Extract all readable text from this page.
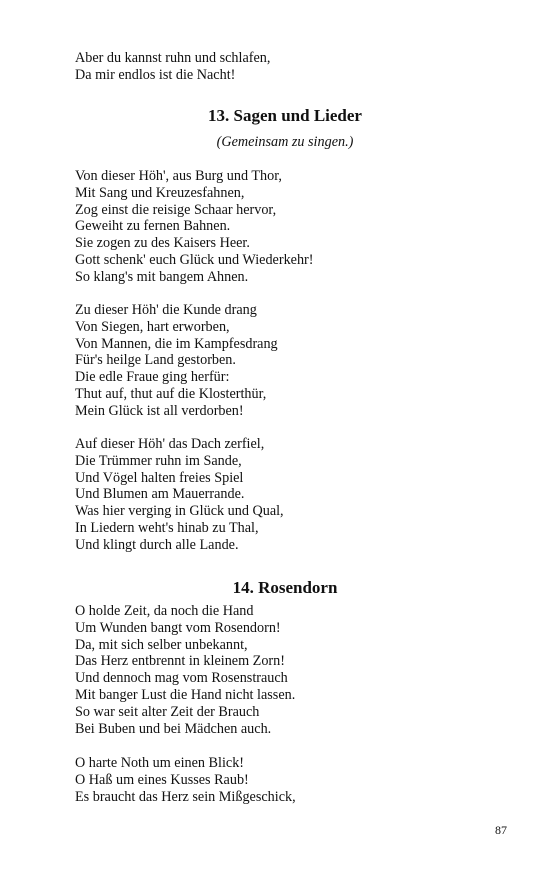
Aber du kannst ruhn und schlafen,
Da mir endlos ist die Nacht!
13. Sagen und Lieder
(Gemeinsam zu singen.)
Von dieser Höh', aus Burg und Thor,
Mit Sang und Kreuzesfahnen,
Zog einst die reisige Schaar hervor,
Geweiht zu fernen Bahnen.
Sie zogen zu des Kaisers Heer.
Gott schenk' euch Glück und Wiederkehr!
So klang's mit bangem Ahnen.
Zu dieser Höh' die Kunde drang
Von Siegen, hart erworben,
Von Mannen, die im Kampfesdrang
Für's heilge Land gestorben.
Die edle Fraue ging herfür:
Thut auf, thut auf die Klosterthür,
Mein Glück ist all verdorben!
Auf dieser Höh' das Dach zerfiel,
Die Trümmer ruhn im Sande,
Und Vögel halten freies Spiel
Und Blumen am Mauerrande.
Was hier verging in Glück und Qual,
In Liedern weht's hinab zu Thal,
Und klingt durch alle Lande.
14. Rosendorn
O holde Zeit, da noch die Hand
Um Wunden bangt vom Rosendorn!
Da, mit sich selber unbekannt,
Das Herz entbrennt in kleinem Zorn!
Und dennoch mag vom Rosenstrauch
Mit banger Lust die Hand nicht lassen.
So war seit alter Zeit der Brauch
Bei Buben und bei Mädchen auch.
O harte Noth um einen Blick!
O Haß um eines Kusses Raub!
Es braucht das Herz sein Mißgeschick,
87
